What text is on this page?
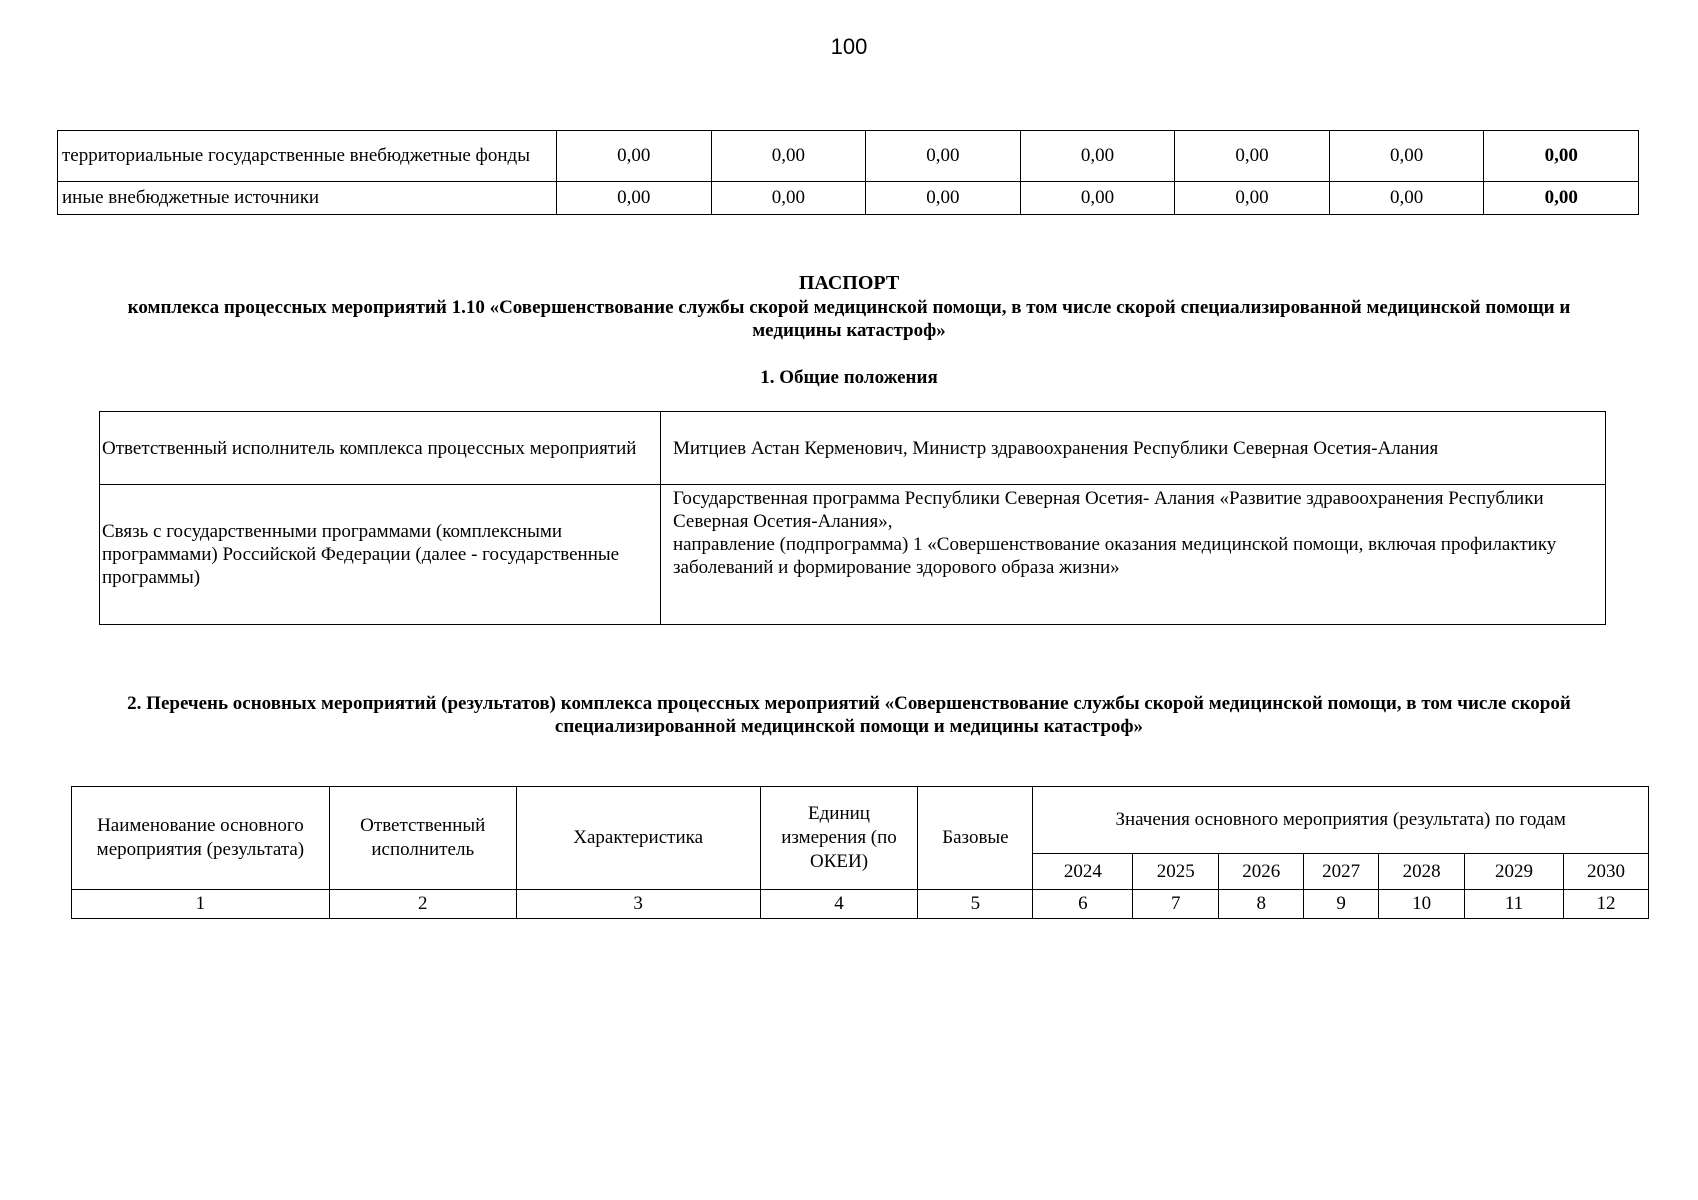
100
территориальные государственные внебюджетные фонды	0,00	0,00	0,00	0,00	0,00	0,00	0,00
иные внебюджетные источники	0,00	0,00	0,00	0,00	0,00	0,00	0,00
ПАСПОРТ
комплекса процессных мероприятий 1.10 «Совершенствование службы скорой медицинской помощи, в том числе скорой специализированной медицинской помощи и медицины катастроф»
1. Общие положения
Ответственный исполнитель комплекса процессных мероприятий	Митциев Астан Керменович, Министр здравоохранения Республики Северная Осетия-Алания
Связь с государственными программами (комплексными программами) Российской Федерации (далее - государственные программы)	Государственная программа Республики Северная Осетия- Алания «Развитие здравоохранения Республики Северная Осетия-Алания»,
направление (подпрограмма) 1 «Совершенствование оказания медицинской помощи, включая профилактику заболеваний и формирование здорового образа жизни»
2. Перечень основных мероприятий (результатов) комплекса процессных мероприятий «Совершенствование службы скорой медицинской помощи, в том числе скорой специализированной медицинской помощи и медицины катастроф»
Наименование основного мероприятия (результата)	Ответственный исполнитель	Характеристика	Единиц измерения (по ОКЕИ)	Базовые	Значения основного мероприятия (результата) по годам						
					2024	2025	2026	2027	2028	2029	2030
1	2	3	4	5	6	7	8	9	10	11	12
